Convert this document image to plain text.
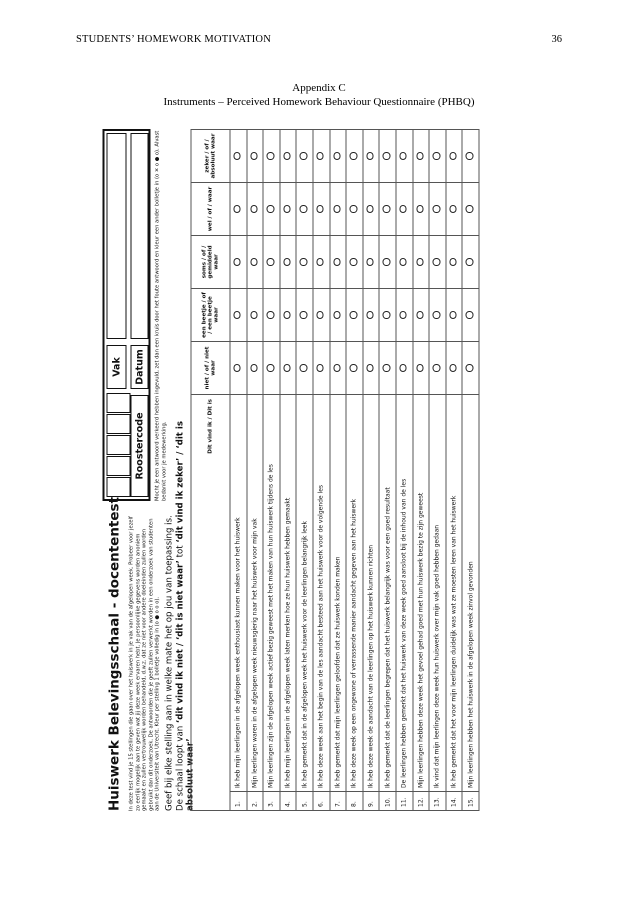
STUDENTS’ HOMEWORK MOTIVATION	36
Appendix C
Instruments – Perceived Homework Behaviour Questionnaire (PHBQ)
Huiswerk Belevingsschaal - docententest
Roostercode
Vak	Datum
In deze test vind je 15 stellingen die gaan over het huiswerk in je vak van de afgelopen week. Probeer voor jezelf zo eerlijk mogelijk aan te geven wat jij deze week ervaren hebt. Je persoonlijke gegevens worden anoniem gemaakt en zullen vertrouwelijk worden behandeld, d.w.z. dat ze niet voor andere doeleinden zullen worden gebruikt dan dit onderzoek. De antwoorden die je geeft zullen verwerkt worden in een onderzoek van studenten aan de Universiteit van Utrecht. Kleur per stelling 1 bolletje volledig in (o ● o o o).
Mocht je een antwoord verkeerd hebben ingevuld, zet dan een kruis door het foute antwoord en kleur een ander bolletje in (o ✕ o ● o). Alvast bedankt voor je medewerking.
Geef bij elke stelling aan in welke mate het op jou van toepassing is. De schaal loopt van ‘dit vind ik niet / ‘dit is niet waar’ tot ‘dit vind ik zeker’ / ‘dit is absoluut waar’
Dit vind ik / Dit is		niet / of / niet waar	een beetje / of / een beetje waar	soms / of / gemiddeld waar	wel / of / waar	zeker / of / absoluut waar
1.	Ik heb mijn leerlingen in de afgelopen week enthousiast kunnen maken voor het huiswerk					
2.	Mijn leerlingen waren in de afgelopen week nieuwsgierig naar het huiswerk voor mijn vak					
3.	Mijn leerlingen zijn de afgelopen week actief bezig geweest met het maken van hun huiswerk tijdens de les					
4.	Ik heb mijn leerlingen in de afgelopen week laten merken hoe ze hun huiswerk hebben gemaakt					
5.	Ik heb gemerkt dat in de afgelopen week het huiswerk voor de leerlingen belangrijk leek					
6.	Ik heb deze week aan het begin van de les aandacht besteed aan het huiswerk voor de volgende les					
7.	Ik heb gemerkt dat mijn leerlingen geloofden dat ze huiswerk konden maken					
8.	Ik heb deze week op een ongewone of verrassende manier aandacht gegeven aan het huiswerk					
9.	Ik heb deze week de aandacht van de leerlingen op het huiswerk kunnen richten					
10.	Ik heb gemerkt dat de leerlingen begrepen dat het huiswerk belangrijk was voor een goed resultaat					
11.	De leerlingen hebben gemerkt dat het huiswerk van deze week goed aansloot bij de inhoud van de les					
12.	Mijn leerlingen hebben deze week het gevoel gehad goed met hun huiswerk bezig te zijn geweest					
13.	Ik vind dat mijn leerlingen deze week hun huiswerk over mijn vak goed hebben gedaan					
14.	Ik heb gemerkt dat het voor mijn leerlingen duidelijk was wat ze moesten leren van het huiswerk					
15.	Mijn leerlingen hebben het huiswerk in de afgelopen week zinvol gevonden					
